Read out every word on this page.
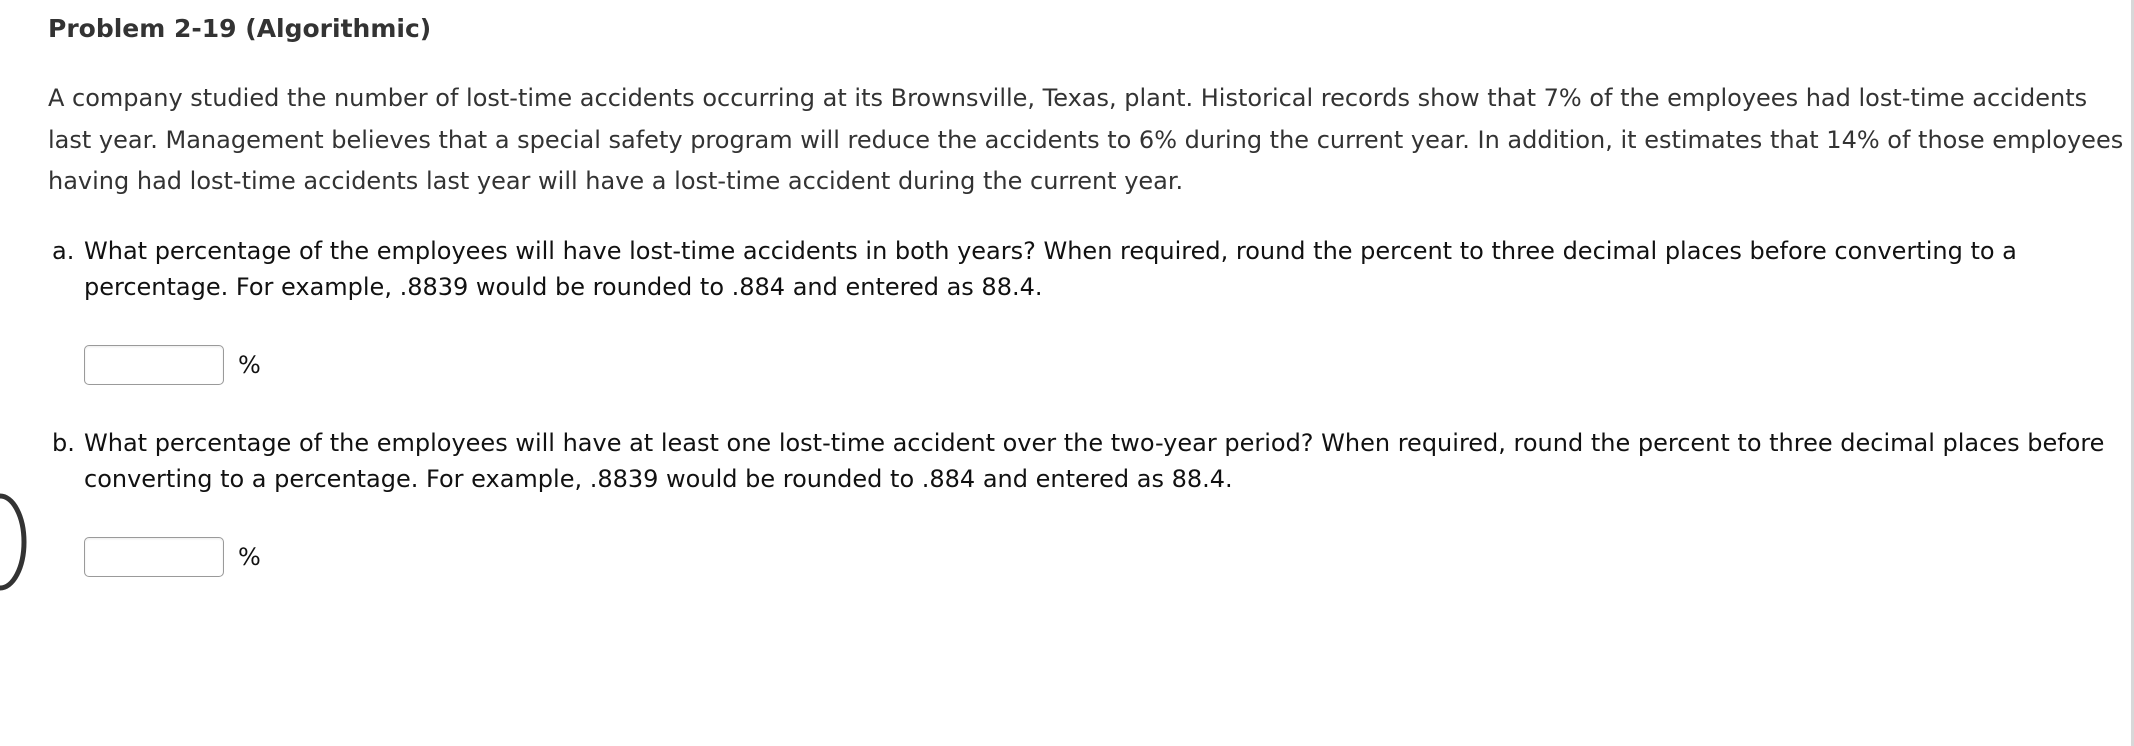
Problem 2-19 (Algorithmic)
A company studied the number of lost-time accidents occurring at its Brownsville, Texas, plant. Historical records show that 7% of the employees had lost-time accidents last year. Management believes that a special safety program will reduce the accidents to 6% during the current year. In addition, it estimates that 14% of those employees having had lost-time accidents last year will have a lost-time accident during the current year.
a. What percentage of the employees will have lost-time accidents in both years? When required, round the percent to three decimal places before converting to a percentage. For example, .8839 would be rounded to .884 and entered as 88.4.
%
b. What percentage of the employees will have at least one lost-time accident over the two-year period? When required, round the percent to three decimal places before converting to a percentage. For example, .8839 would be rounded to .884 and entered as 88.4.
%
